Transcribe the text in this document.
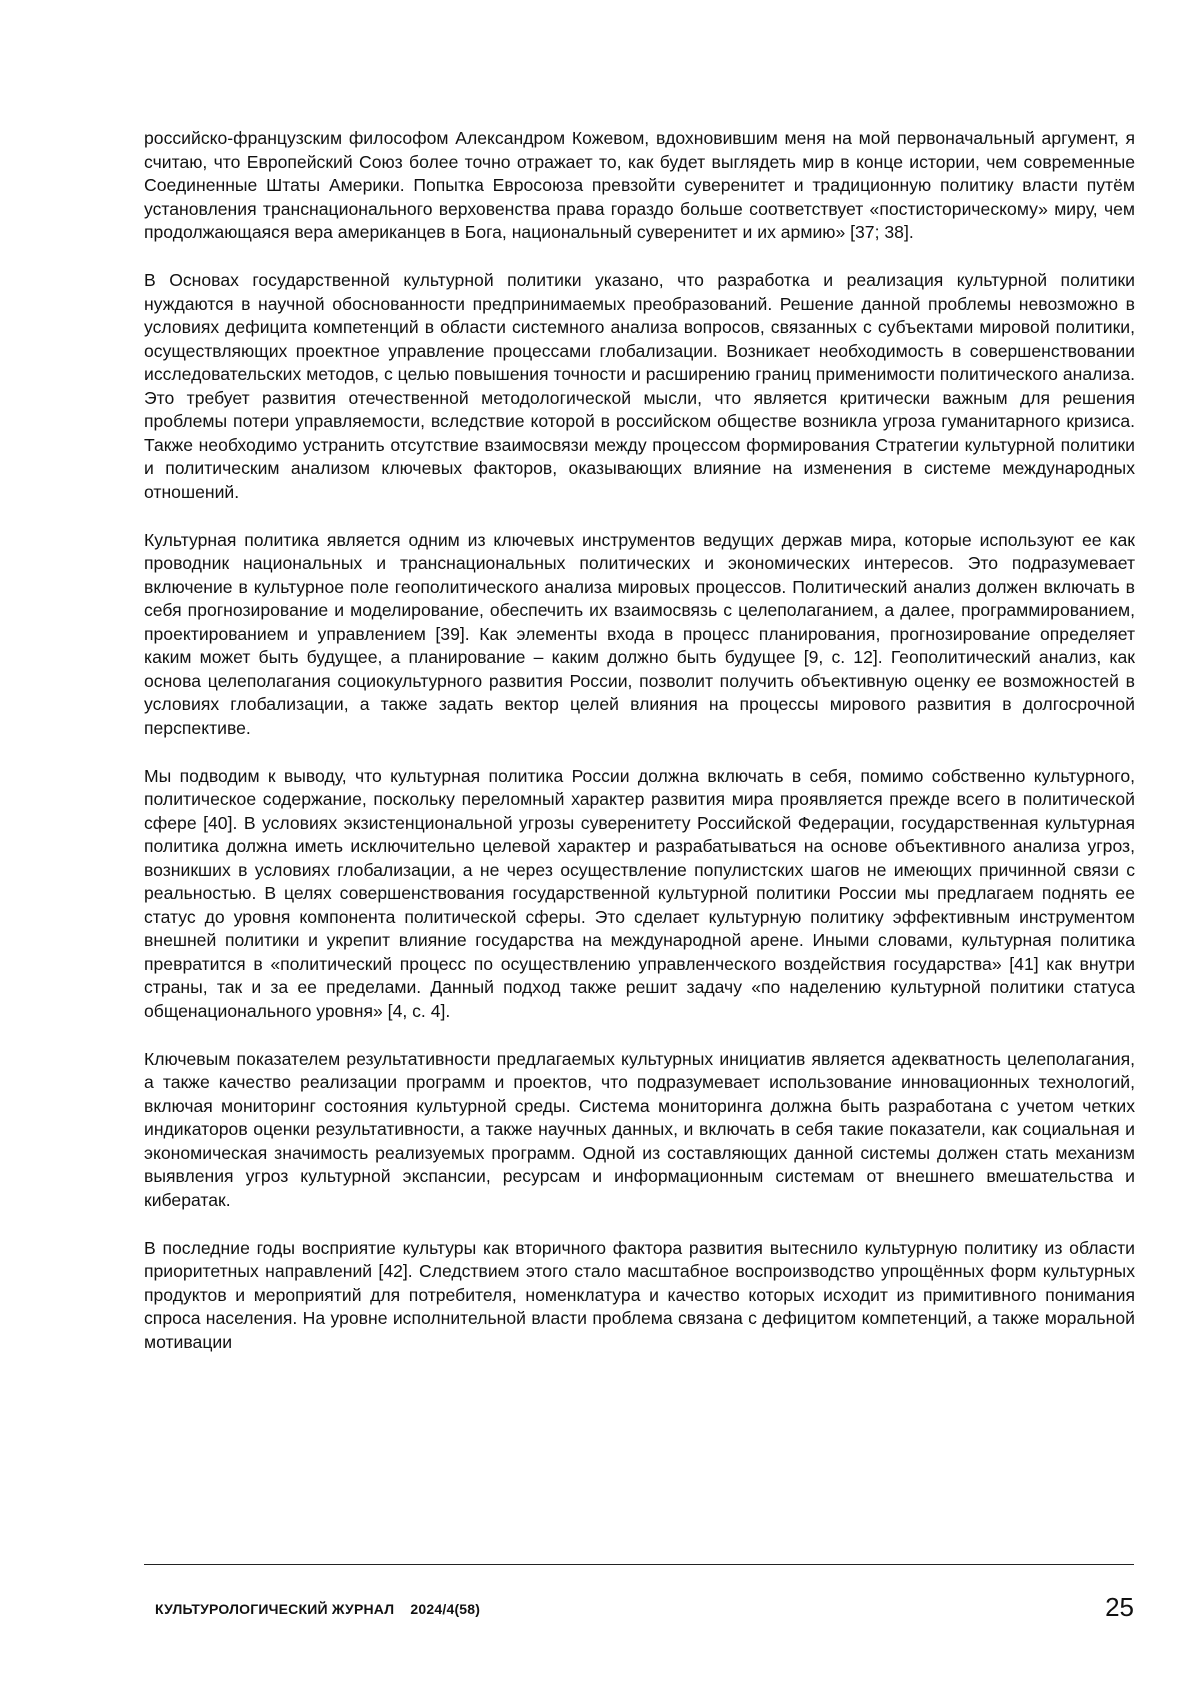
российско-французским философом Александром Кожевом, вдохновившим меня на мой первоначальный аргумент, я считаю, что Европейский Союз более точно отражает то, как будет выглядеть мир в конце истории, чем современные Соединенные Штаты Америки. Попытка Евросоюза превзойти суверенитет и традиционную политику власти путём установления транснационального верховенства права гораздо больше соответствует «постисторическому» миру, чем продолжающаяся вера американцев в Бога, национальный суверенитет и их армию» [37; 38].

В Основах государственной культурной политики указано, что разработка и реализация культурной политики нуждаются в научной обоснованности предпринимаемых преобразований. Решение данной проблемы невозможно в условиях дефицита компетенций в области системного анализа вопросов, связанных с субъектами мировой политики, осуществляющих проектное управление процессами глобализации. Возникает необходимость в совершенствовании исследовательских методов, с целью повышения точности и расширению границ применимости политического анализа. Это требует развития отечественной методологической мысли, что является критически важным для решения проблемы потери управляемости, вследствие которой в российском обществе возникла угроза гуманитарного кризиса. Также необходимо устранить отсутствие взаимосвязи между процессом формирования Стратегии культурной политики и политическим анализом ключевых факторов, оказывающих влияние на изменения в системе международных отношений.

Культурная политика является одним из ключевых инструментов ведущих держав мира, которые используют ее как проводник национальных и транснациональных политических и экономических интересов. Это подразумевает включение в культурное поле геополитического анализа мировых процессов. Политический анализ должен включать в себя прогнозирование и моделирование, обеспечить их взаимосвязь с целеполаганием, а далее, программированием, проектированием и управлением [39]. Как элементы входа в процесс планирования, прогнозирование определяет каким может быть будущее, а планирование – каким должно быть будущее [9, с. 12]. Геополитический анализ, как основа целеполагания социокультурного развития России, позволит получить объективную оценку ее возможностей в условиях глобализации, а также задать вектор целей влияния на процессы мирового развития в долгосрочной перспективе.

Мы подводим к выводу, что культурная политика России должна включать в себя, помимо собственно культурного, политическое содержание, поскольку переломный характер развития мира проявляется прежде всего в политической сфере [40]. В условиях экзистенциональной угрозы суверенитету Российской Федерации, государственная культурная политика должна иметь исключительно целевой характер и разрабатываться на основе объективного анализа угроз, возникших в условиях глобализации, а не через осуществление популистских шагов не имеющих причинной связи с реальностью. В целях совершенствования государственной культурной политики России мы предлагаем поднять ее статус до уровня компонента политической сферы. Это сделает культурную политику эффективным инструментом внешней политики и укрепит влияние государства на международной арене. Иными словами, культурная политика превратится в «политический процесс по осуществлению управленческого воздействия государства» [41] как внутри страны, так и за ее пределами. Данный подход также решит задачу «по наделению культурной политики статуса общенационального уровня» [4, с. 4].

Ключевым показателем результативности предлагаемых культурных инициатив является адекватность целеполагания, а также качество реализации программ и проектов, что подразумевает использование инновационных технологий, включая мониторинг состояния культурной среды. Система мониторинга должна быть разработана с учетом четких индикаторов оценки результативности, а также научных данных, и включать в себя такие показатели, как социальная и экономическая значимость реализуемых программ. Одной из составляющих данной системы должен стать механизм выявления угроз культурной экспансии, ресурсам и информационным системам от внешнего вмешательства и кибератак.

В последние годы восприятие культуры как вторичного фактора развития вытеснило культурную политику из области приоритетных направлений [42]. Следствием этого стало масштабное воспроизводство упрощённых форм культурных продуктов и мероприятий для потребителя, номенклатура и качество которых исходит из примитивного понимания спроса населения. На уровне исполнительной власти проблема связана с дефицитом компетенций, а также моральной мотивации

КУЛЬТУРОЛОГИЧЕСКИЙ ЖУРНАЛ 2024/4(58)	25
